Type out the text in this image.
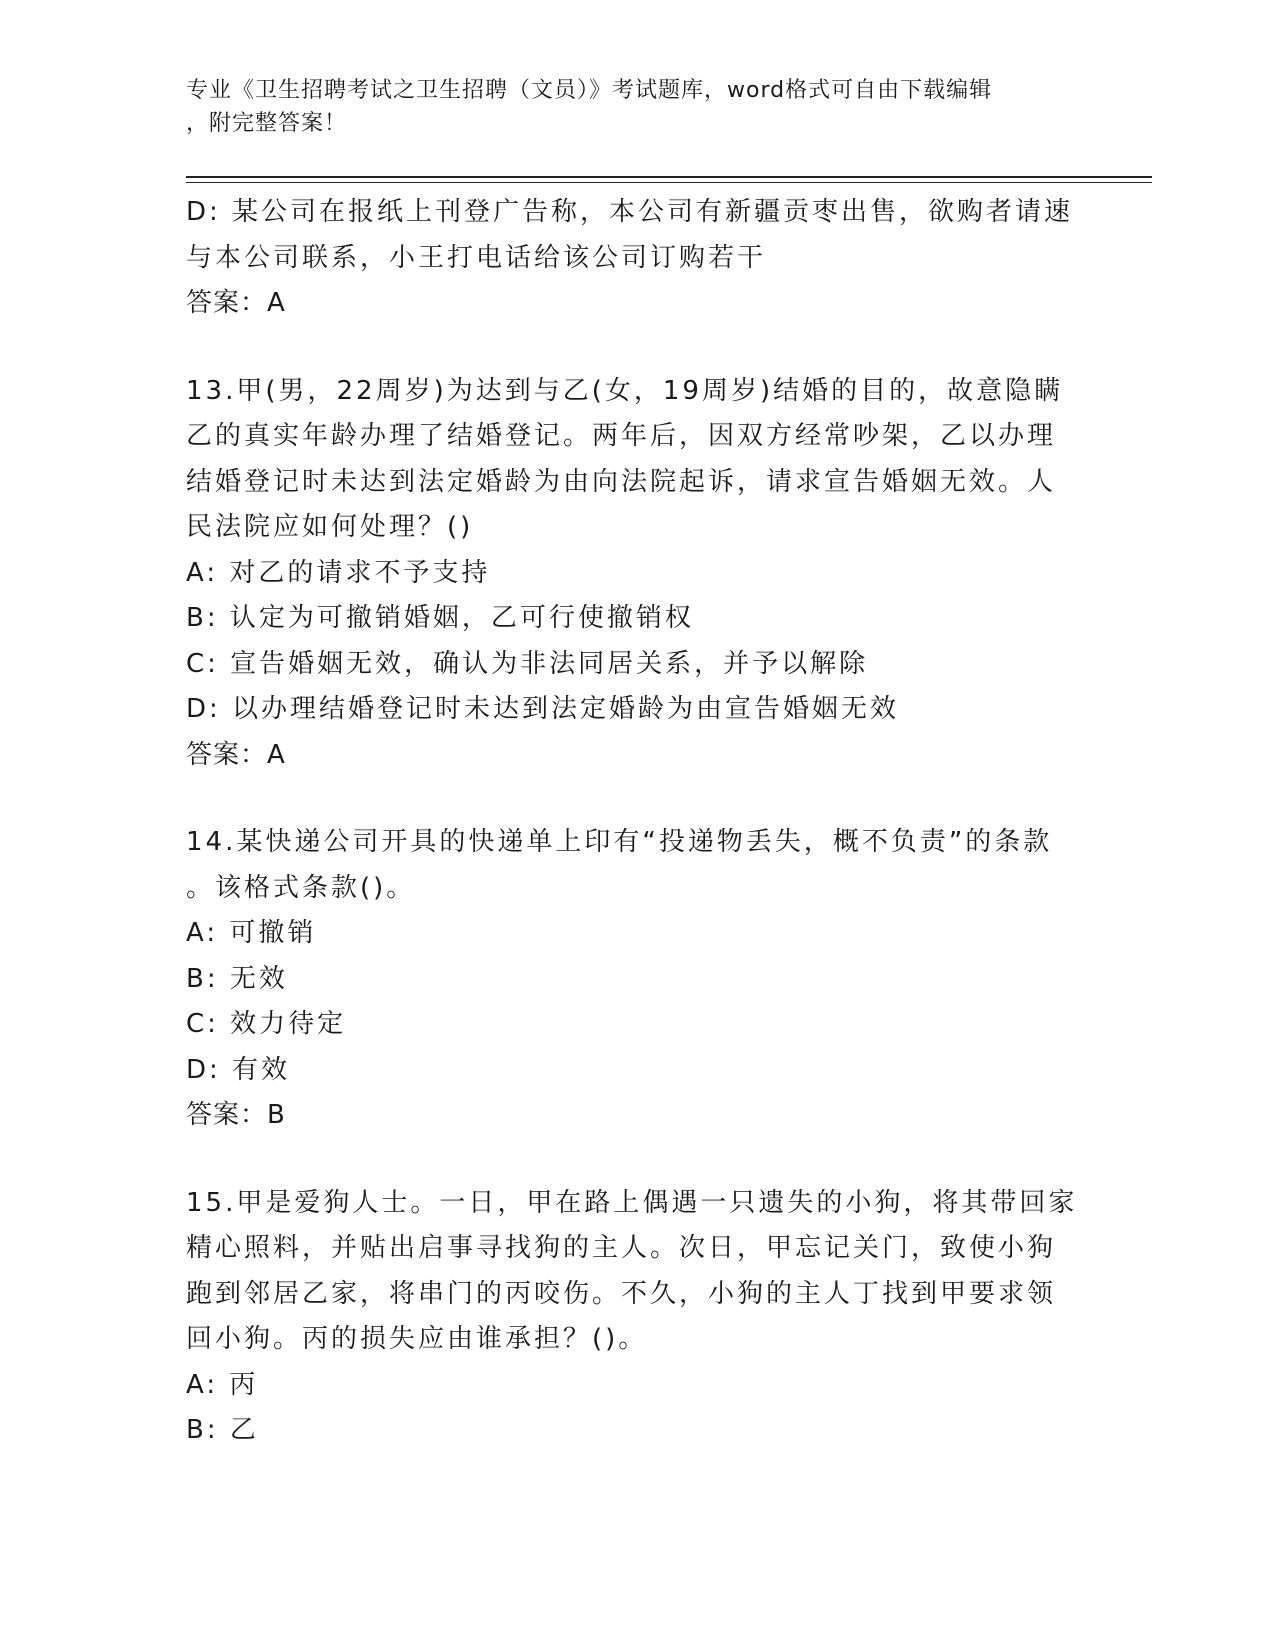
专业《卫生招聘考试之卫生招聘（文员）》考试题库，word格式可自由下载编辑
，附完整答案！
D: 某公司在报纸上刊登广告称，本公司有新疆贡枣出售，欲购者请速
与本公司联系，小王打电话给该公司订购若干
答案：A
13.甲(男，22周岁)为达到与乙(女，19周岁)结婚的目的，故意隐瞒
乙的真实年龄办理了结婚登记。两年后，因双方经常吵架，乙以办理
结婚登记时未达到法定婚龄为由向法院起诉，请求宣告婚姻无效。人
民法院应如何处理？()
A: 对乙的请求不予支持
B: 认定为可撤销婚姻，乙可行使撤销权
C: 宣告婚姻无效，确认为非法同居关系，并予以解除
D: 以办理结婚登记时未达到法定婚龄为由宣告婚姻无效
答案：A
14.某快递公司开具的快递单上印有“投递物丢失，概不负责”的条款
。该格式条款()。
A: 可撤销
B: 无效
C: 效力待定
D: 有效
答案：B
15.甲是爱狗人士。一日，甲在路上偶遇一只遗失的小狗，将其带回家
精心照料，并贴出启事寻找狗的主人。次日，甲忘记关门，致使小狗
跑到邻居乙家，将串门的丙咬伤。不久，小狗的主人丁找到甲要求领
回小狗。丙的损失应由谁承担？()。
A: 丙
B: 乙
